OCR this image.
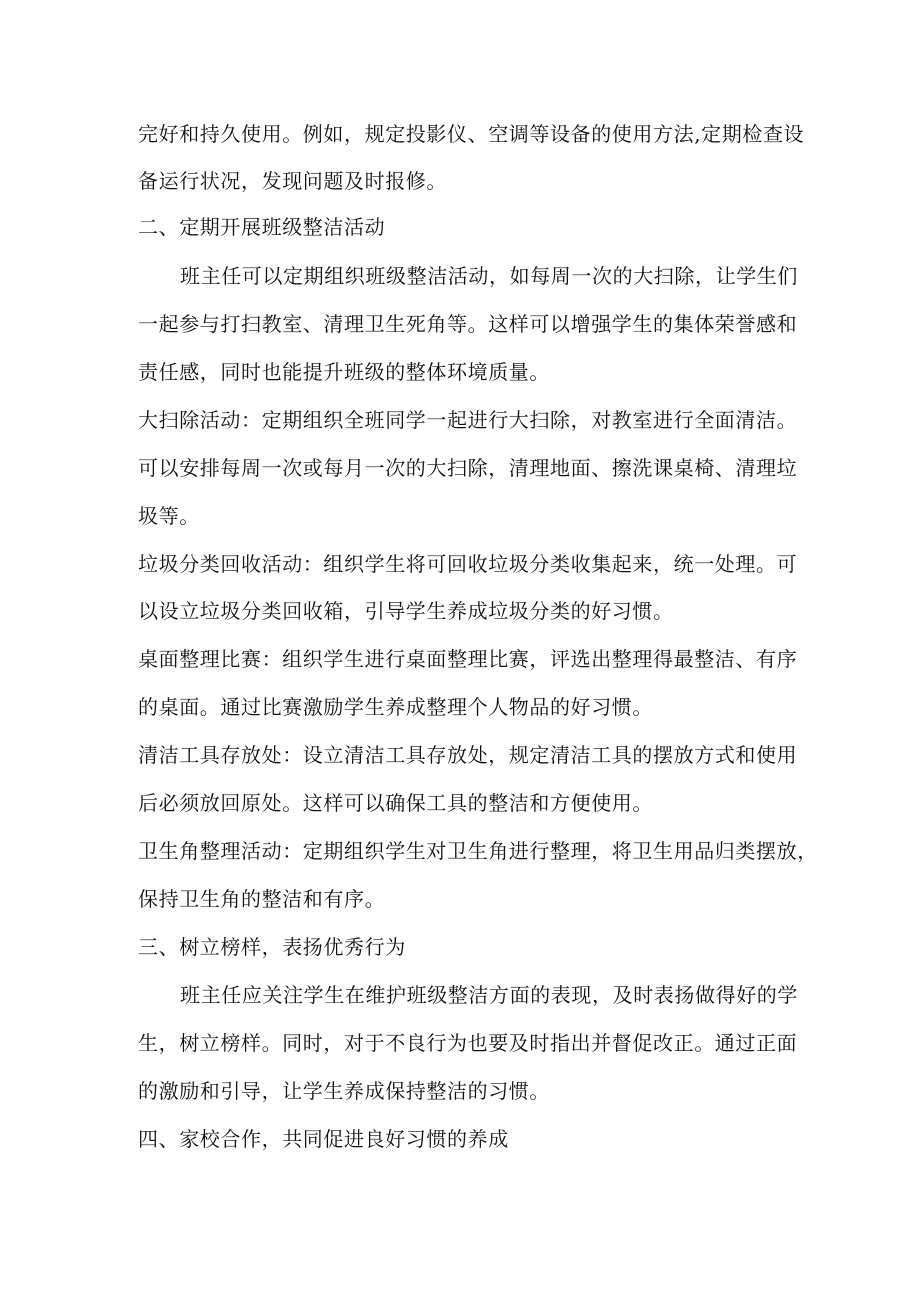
完好和持久使用。例如，规定投影仪、空调等设备的使用方法,定期检查设
备运行状况，发现问题及时报修。
二、定期开展班级整洁活动
班主任可以定期组织班级整洁活动，如每周一次的大扫除，让学生们
一起参与打扫教室、清理卫生死角等。这样可以增强学生的集体荣誉感和
责任感，同时也能提升班级的整体环境质量。
大扫除活动：定期组织全班同学一起进行大扫除，对教室进行全面清洁。
可以安排每周一次或每月一次的大扫除，清理地面、擦洗课桌椅、清理垃
圾等。
垃圾分类回收活动：组织学生将可回收垃圾分类收集起来，统一处理。可
以设立垃圾分类回收箱，引导学生养成垃圾分类的好习惯。
桌面整理比赛：组织学生进行桌面整理比赛，评选出整理得最整洁、有序
的桌面。通过比赛激励学生养成整理个人物品的好习惯。
清洁工具存放处：设立清洁工具存放处，规定清洁工具的摆放方式和使用
后必须放回原处。这样可以确保工具的整洁和方便使用。
卫生角整理活动：定期组织学生对卫生角进行整理，将卫生用品归类摆放，
保持卫生角的整洁和有序。
三、树立榜样，表扬优秀行为
班主任应关注学生在维护班级整洁方面的表现，及时表扬做得好的学
生，树立榜样。同时，对于不良行为也要及时指出并督促改正。通过正面
的激励和引导，让学生养成保持整洁的习惯。
四、家校合作，共同促进良好习惯的养成
